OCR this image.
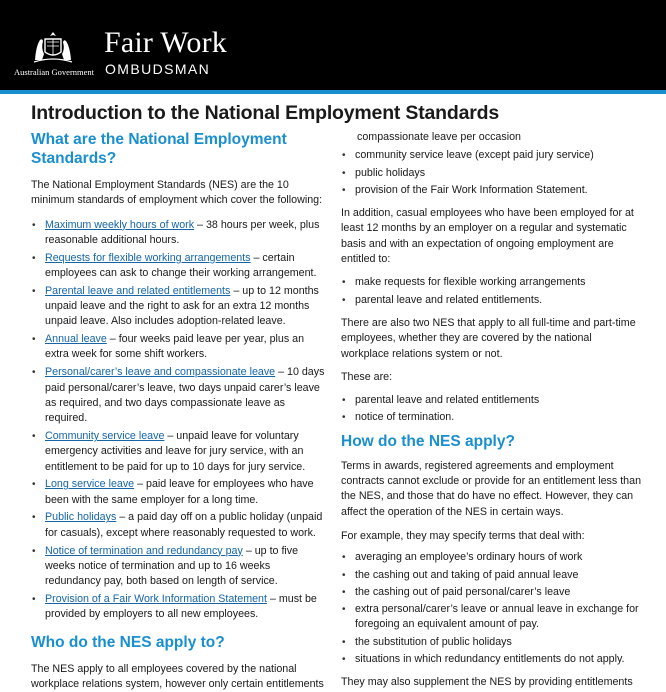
Australian Government
Fair Work
OMBUDSMAN
Introduction to the National Employment Standards
What are the National Employment Standards?

The National Employment Standards (NES) are the 10 minimum standards of employment which cover the following:

• Maximum weekly hours of work – 38 hours per week, plus reasonable additional hours.
• Requests for flexible working arrangements – certain employees can ask to change their working arrangement.
• Parental leave and related entitlements – up to 12 months unpaid leave and the right to ask for an extra 12 months unpaid leave. Also includes adoption-related leave.
• Annual leave – four weeks paid leave per year, plus an extra week for some shift workers.
• Personal/carer’s leave and compassionate leave – 10 days paid personal/carer’s leave, two days unpaid carer’s leave as required, and two days compassionate leave as required.
• Community service leave – unpaid leave for voluntary emergency activities and leave for jury service, with an entitlement to be paid for up to 10 days for jury service.
• Long service leave – paid leave for employees who have been with the same employer for a long time.
• Public holidays – a paid day off on a public holiday (unpaid for casuals), except where reasonably requested to work.
• Notice of termination and redundancy pay – up to five weeks notice of termination and up to 16 weeks redundancy pay, both based on length of service.
• Provision of a Fair Work Information Statement – must be provided by employers to all new employees.
Who do the NES apply to?

The NES apply to all employees covered by the national workplace relations system, however only certain entitlements

compassionate leave per occasion

• community service leave (except paid jury service)
• public holidays
• provision of the Fair Work Information Statement.

In addition, casual employees who have been employed for at least 12 months by an employer on a regular and systematic basis and with an expectation of ongoing employment are entitled to:

• make requests for flexible working arrangements
• parental leave and related entitlements.

There are also two NES that apply to all full-time and part-time employees, whether they are covered by the national workplace relations system or not.

These are:

• parental leave and related entitlements
• notice of termination.
How do the NES apply?

Terms in awards, registered agreements and employment contracts cannot exclude or provide for an entitlement less than the NES, and those that do have no effect. However, they can affect the operation of the NES in certain ways.

For example, they may specify terms that deal with:

• averaging an employee’s ordinary hours of work
• the cashing out and taking of paid annual leave
• the cashing out of paid personal/carer’s leave
• extra personal/carer’s leave or annual leave in exchange for foregoing an equivalent amount of pay.
• the substitution of public holidays
• situations in which redundancy entitlements do not apply.

They may also supplement the NES by providing entitlements
